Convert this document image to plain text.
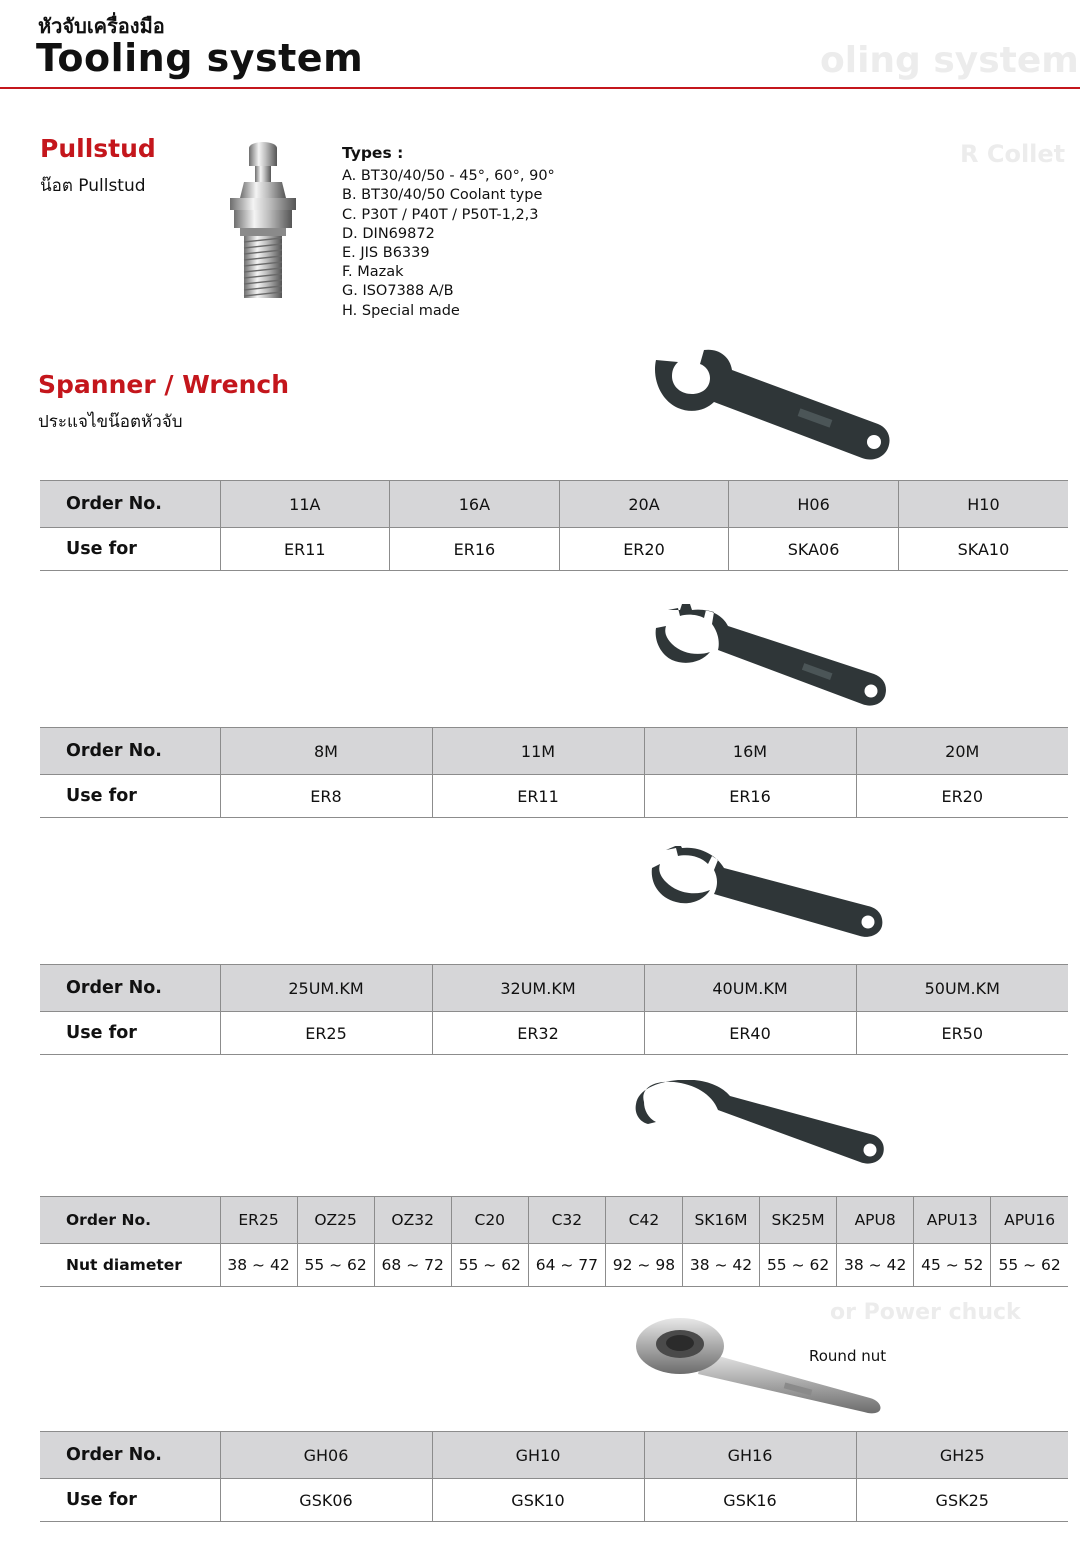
oling system
R Collet
or Power chuck
หัวจับเครื่องมือ
Tooling system
Pullstud
น๊อต Pullstud
Types :
A. BT30/40/50 - 45°, 60°, 90°
B. BT30/40/50 Coolant type
C. P30T / P40T / P50T-1,2,3
D. DIN69872
E. JIS B6339
F. Mazak
G. ISO7388 A/B
H. Special made
Spanner / Wrench
ประแจไขน๊อตหัวจับ
Order No.	11A	16A	20A	H06	H10
Use for	ER11	ER16	ER20	SKA06	SKA10
Order No.	8M	11M	16M	20M
Use for	ER8	ER11	ER16	ER20
Order No.	25UM.KM	32UM.KM	40UM.KM	50UM.KM
Use for	ER25	ER32	ER40	ER50
Order No.	ER25	OZ25	OZ32	C20	C32	C42	SK16M	SK25M	APU8	APU13	APU16
Nut diameter	38 ~ 42	55 ~ 62	68 ~ 72	55 ~ 62	64 ~ 77	92 ~ 98	38 ~ 42	55 ~ 62	38 ~ 42	45 ~ 52	55 ~ 62
Round nut
Order No.	GH06	GH10	GH16	GH25
Use for	GSK06	GSK10	GSK16	GSK25
